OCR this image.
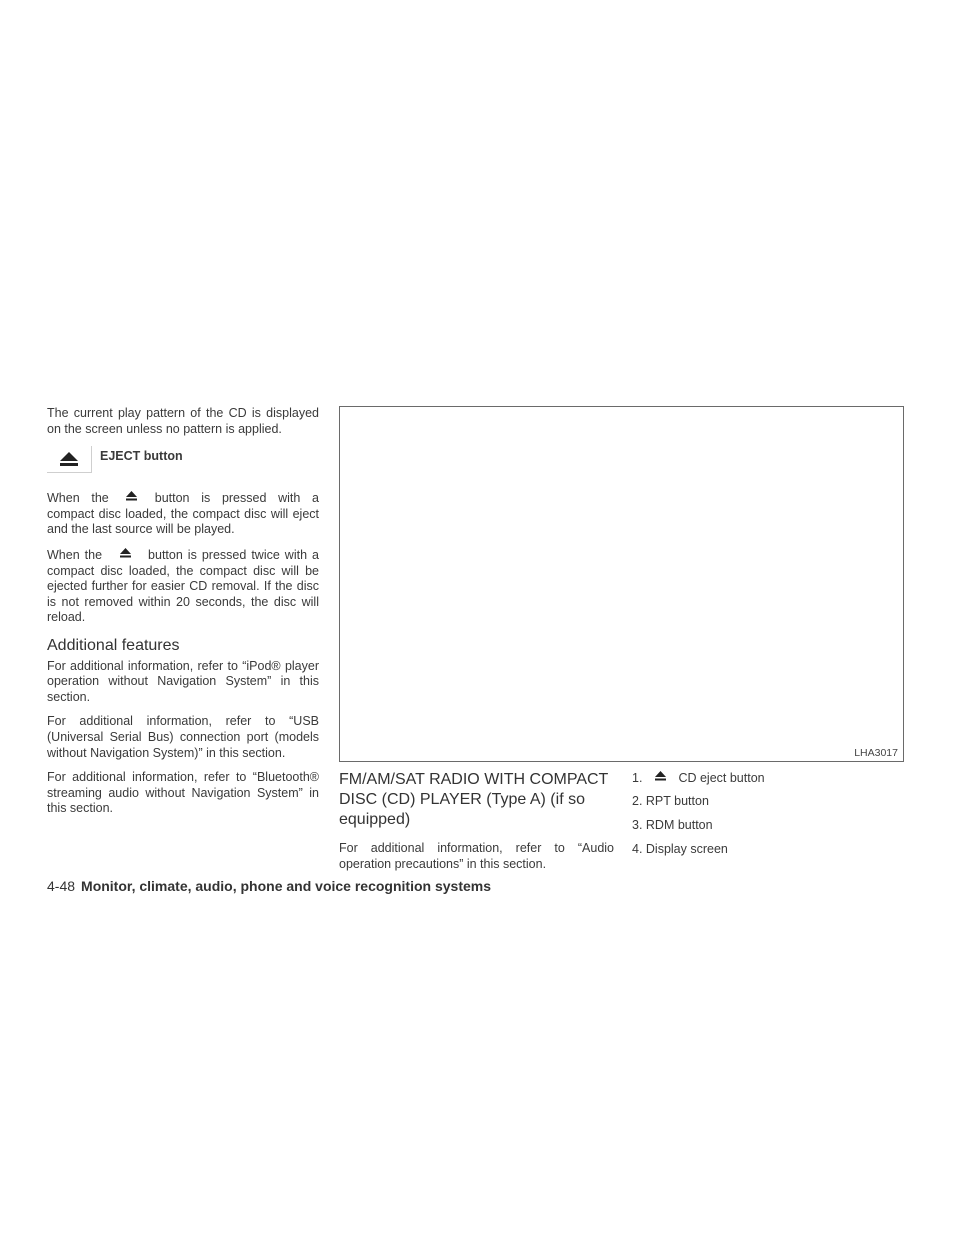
The current play pattern of the CD is displayed on the screen unless no pattern is applied.

EJECT button

When the	button is pressed with a compact disc loaded, the compact disc will eject and the last source will be played.

When the	button is pressed twice with a compact disc loaded, the compact disc will be ejected further for easier CD removal. If the disc is not removed within 20 seconds, the disc will reload.

Additional features

For additional information, refer to “iPod® player operation without Navigation System” in this section.

For additional information, refer to “USB (Universal Serial Bus) connection port (models without Navigation System)” in this section.

For additional information, refer to “Bluetooth® streaming audio without Navigation System” in this section.

LHA3017
FM/AM/SAT RADIO WITH COMPACT DISC (CD) PLAYER (Type A) (if so equipped)

For additional information, refer to “Audio operation precautions” in this section.

1.	CD eject button
2. RPT button
3. RDM button
4. Display screen
4-48 Monitor, climate, audio, phone and voice recognition systems
